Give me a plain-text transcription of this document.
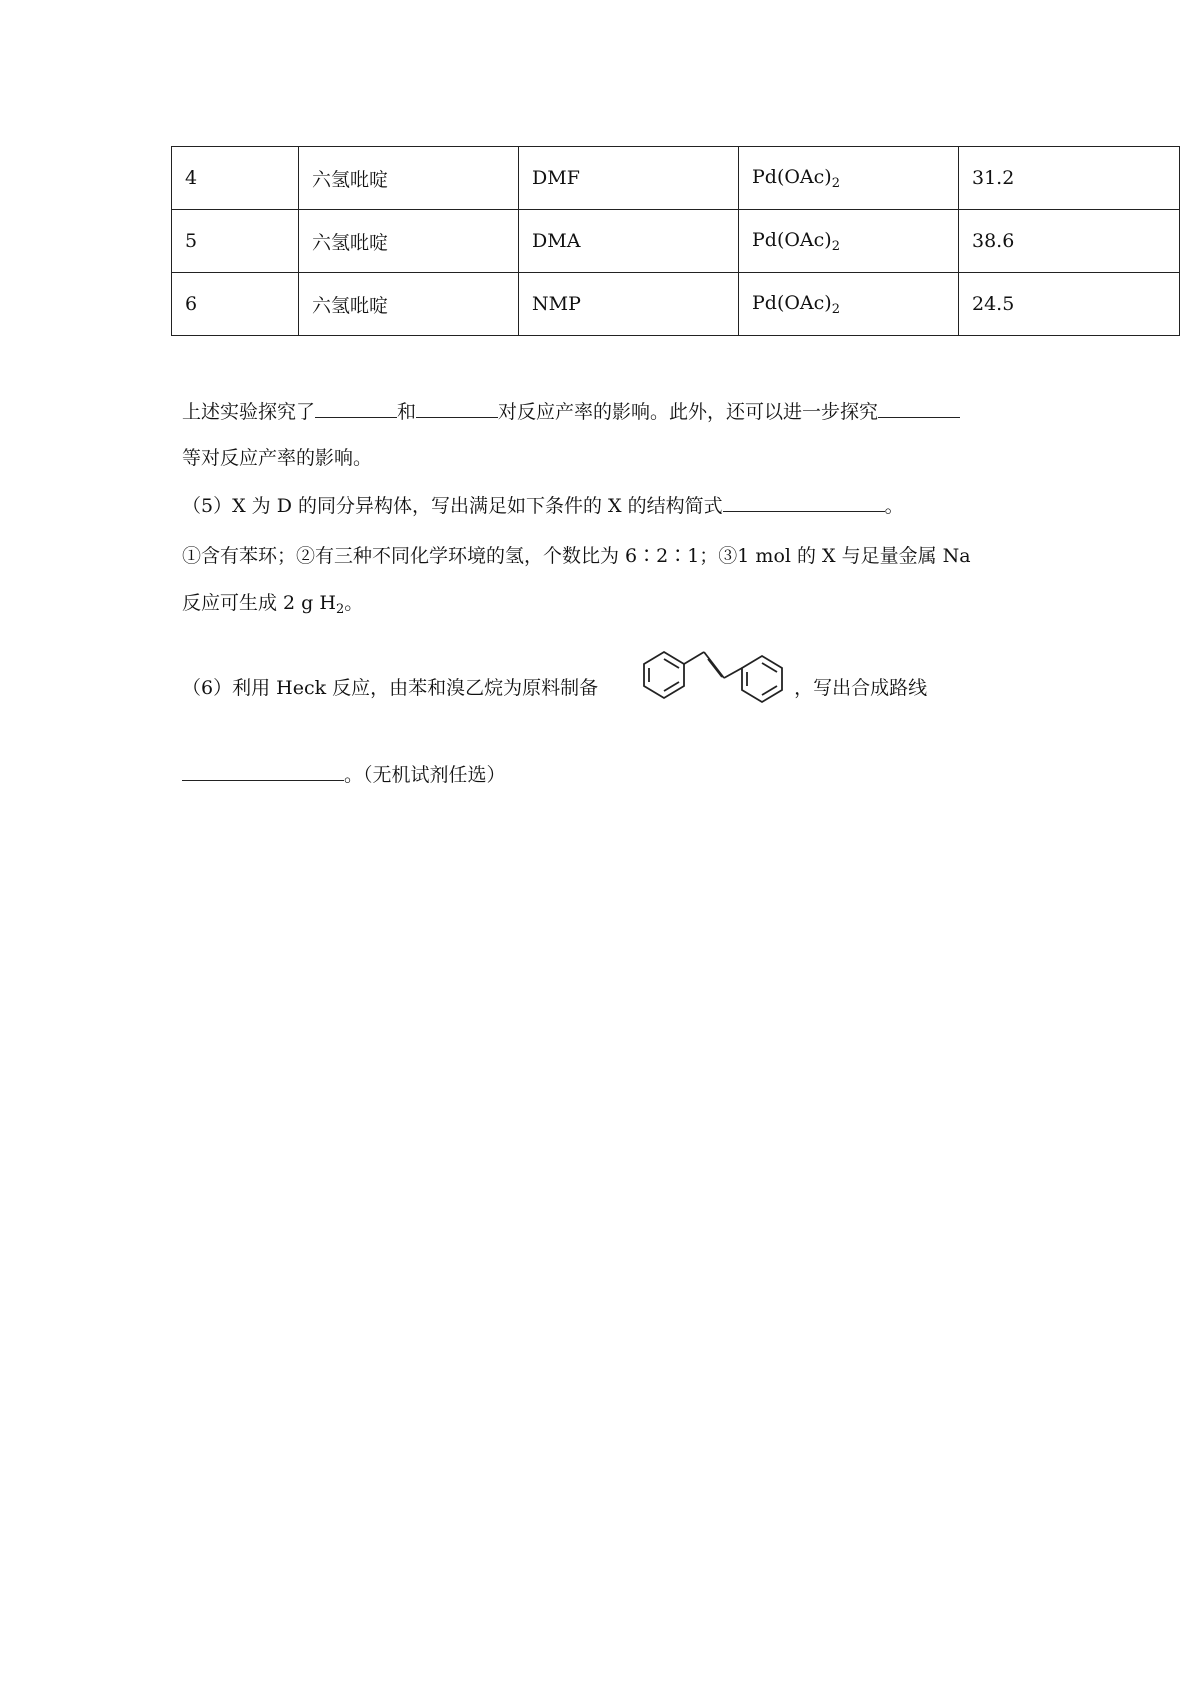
4	六氢吡啶	DMF	$Pd(OAc)_2$	31.2
5	六氢吡啶	DMA	$Pd(OAc)_2$	38.6
6	六氢吡啶	NMP	$Pd(OAc)_2$	24.5
上述实验探究了	和	对反应产率的影响。此外，还可以进一步探究
等对反应产率的影响。
（5）X 为 D 的同分异构体，写出满足如下条件的 X 的结构简式	。
①含有苯环；②有三种不同化学环境的氢，个数比为 6∶2∶1；③1 mol 的 X 与足量金属 Na
反应可生成 2 g $H_2$。
（6）利用 Heck 反应，由苯和溴乙烷为原料制备	，写出合成路线
。（无机试剂任选）
